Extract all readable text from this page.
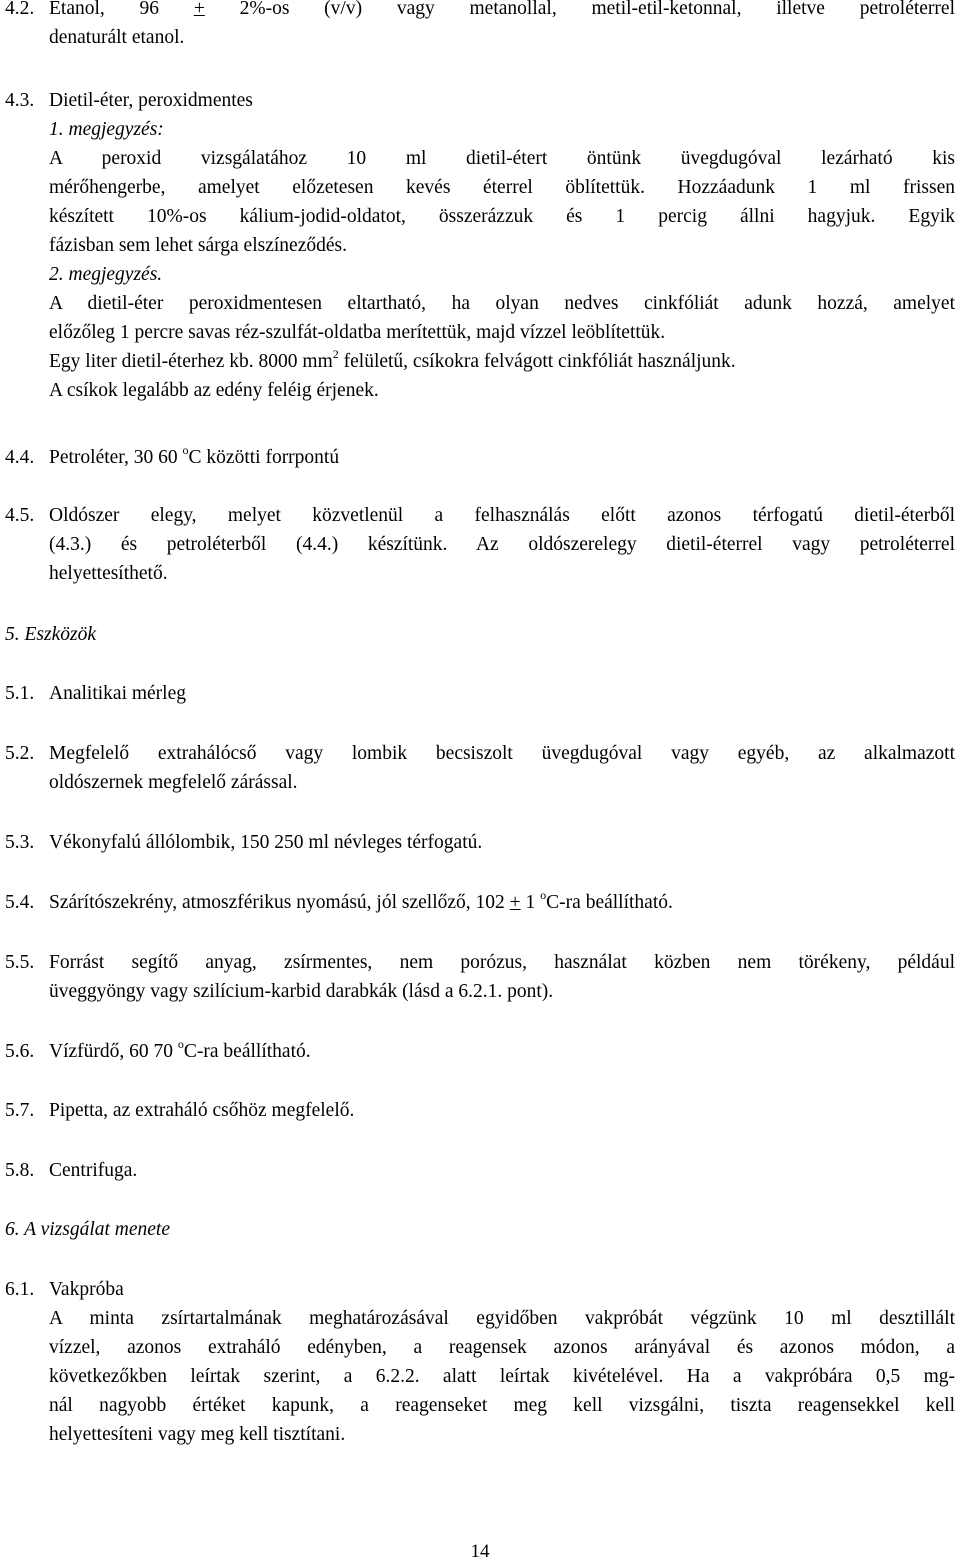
4.2. Etanol, 96 + 2%-os (v/v) vagy metanollal, metil-etil-ketonnal, illetve petroléterrel

denaturált etanol.

4.3. Dietil-éter, peroxidmentes

1. megjegyzés:

A peroxid vizsgálatához 10 ml dietil-étert öntünk üvegdugóval lezárható kis

mérőhengerbe, amelyet előzetesen kevés éterrel öblítettük. Hozzáadunk 1 ml frissen

készített 10%-os kálium-jodid-oldatot, összerázzuk és 1 percig állni hagyjuk. Egyik

fázisban sem lehet sárga elszíneződés.

2. megjegyzés.

A dietil-éter peroxidmentesen eltartható, ha olyan nedves cinkfóliát adunk hozzá, amelyet

előzőleg 1 percre savas réz-szulfát-oldatba merítettük, majd vízzel leöblítettük.

Egy liter dietil-éterhez kb. 8000 $mm^2$ felületű, csíkokra felvágott cinkfóliát használjunk.

A csíkok legalább az edény feléig érjenek.

4.4. Petroléter, 30 60 $^o$C közötti forrpontú

4.5. Oldószer elegy, melyet közvetlenül a felhasználás előtt azonos térfogatú dietil-éterből

(4.3.) és petroléterből (4.4.) készítünk. Az oldószerelegy dietil-éterrel vagy petroléterrel

helyettesíthető.

5. Eszközök

5.1. Analitikai mérleg

5.2. Megfelelő extrahálócső vagy lombik becsiszolt üvegdugóval vagy egyéb, az alkalmazott

oldószernek megfelelő zárással.

5.3. Vékonyfalú állólombik, 150 250 ml névleges térfogatú.

5.4. Szárítószekrény, atmoszférikus nyomású, jól szellőző, 102 + 1 $^o$C-ra beállítható.

5.5. Forrást segítő anyag, zsírmentes, nem porózus, használat közben nem törékeny, például

üveggyöngy vagy szilícium-karbid darabkák (lásd a 6.2.1. pont).

5.6. Vízfürdő, 60 70 $^o$C-ra beállítható.

5.7. Pipetta, az extraháló csőhöz megfelelő.

5.8. Centrifuga.

6. A vizsgálat menete

6.1. Vakpróba

A minta zsírtartalmának meghatározásával egyidőben vakpróbát végzünk 10 ml desztillált

vízzel, azonos extraháló edényben, a reagensek azonos arányával és azonos módon, a

következőkben leírtak szerint, a 6.2.2. alatt leírtak kivételével. Ha a vakpróbára 0,5 mg-

nál nagyobb értéket kapunk, a reagenseket meg kell vizsgálni, tiszta reagensekkel kell

helyettesíteni vagy meg kell tisztítani.

14
